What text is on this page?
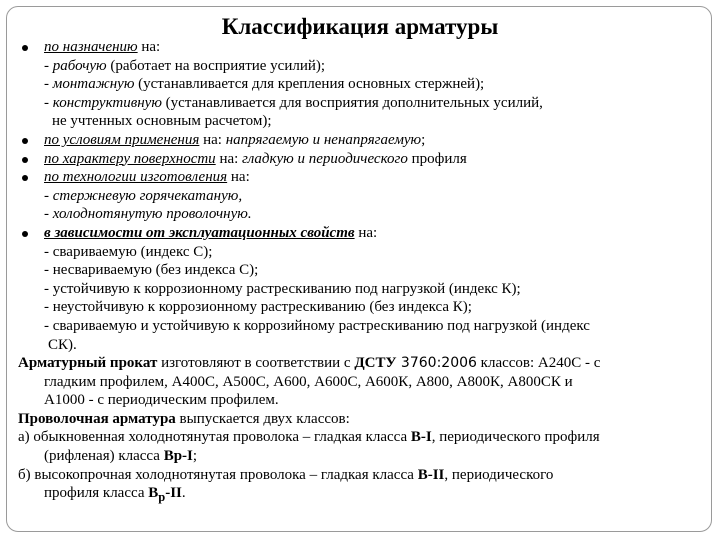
Классификация арматуры

по назначению на:

- рабочую (работает на восприятие усилий);

- монтажную (устанавливается для крепления основных стержней);

- конструктивную (устанавливается для восприятия дополнительных усилий,

не учтенных основным расчетом);

по условиям применения на: напрягаемую и ненапрягаемую;

по характеру поверхности на: гладкую и периодического профиля

по технологии изготовления на:

- стержневую горячекатаную,

- холоднотянутую проволочную.

в зависимости от эксплуатационных свойств на:

- свариваемую (индекс С);

- несвариваемую (без индекса С);

- устойчивую к коррозионному растрескиванию под нагрузкой (индекс К);

- неустойчивую к коррозионному растрескиванию (без индекса К);

- свариваемую и устойчивую к коррозийному растрескиванию под нагрузкой (индекс

СК).

Арматурный прокат изготовляют в соответствии с ДСТУ 3760:2006 классов: А240С - с

гладким профилем, А400С, А500С, А600, А600С, А600К, А800, А800К, А800СК и

А1000 - с периодическим профилем.

Проволочная арматура выпускается двух классов:

а) обыкновенная холоднотянутая проволока – гладкая класса В-I, периодического профиля

(рифленая) класса Вр-I;

б) высокопрочная холоднотянутая проволока – гладкая класса В-II, периодического

профиля класса $В_р-II$.
